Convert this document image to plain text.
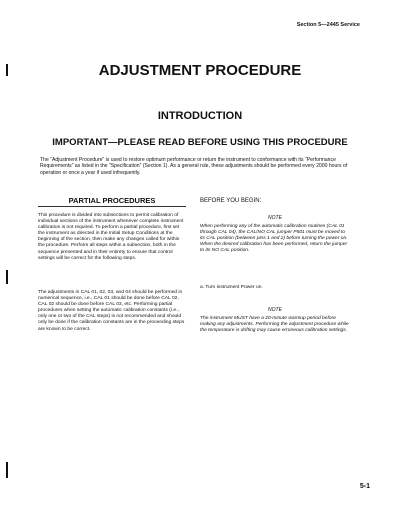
Section 5—2445 Service
ADJUSTMENT PROCEDURE
INTRODUCTION
IMPORTANT—PLEASE READ BEFORE USING THIS PROCEDURE
The "Adjustment Procedure" is used to restore optimum performance or return the instrument to conformance with its "Performance Requirements" as listed in the "Specification" (Section 1). As a general rule, these adjustments should be performed every 2000 hours of operation or once a year if used infrequently.
PARTIAL PROCEDURES
This procedure is divided into subsections to permit calibration of individual sections of the instrument whenever complete instrument calibration is not required. To perform a partial procedure, first set the instrument as directed in the Initial Setup Conditions at the beginning of the section, then make any changes called for within the procedure. Perform all steps within a subsection, both in the sequence presented and in their entirety to ensure that control settings will be correct for the following steps.
The adjustments in CAL 01, 02, 03, and 04 should be performed in numerical sequence, i.e., CAL 01 should be done before CAL 02, CAL 02 should be done before CAL 03, etc. Performing partial procedures when setting the automatic calibration constants (i.e., only one or two of the CAL steps) is not recommended and should only be done if the calibration constants are in the proceeding steps are known to be correct.
BEFORE YOU BEGIN:
NOTE
When performing any of the automatic calibration routines (CAL 01 through CAL 04), the CAL/NO CAL jumper P501 must be moved to its CAL position (between pins 1 and 2) before turning the power on. When the desired calibration has been performed, return the jumper to its NO CAL position.
a. Turn instrument Power on.
NOTE
The instrument MUST have a 20-minute warmup period before making any adjustments. Performing the adjustment procedure while the temperature is drifting may cause erroneous calibration settings.
5-1
